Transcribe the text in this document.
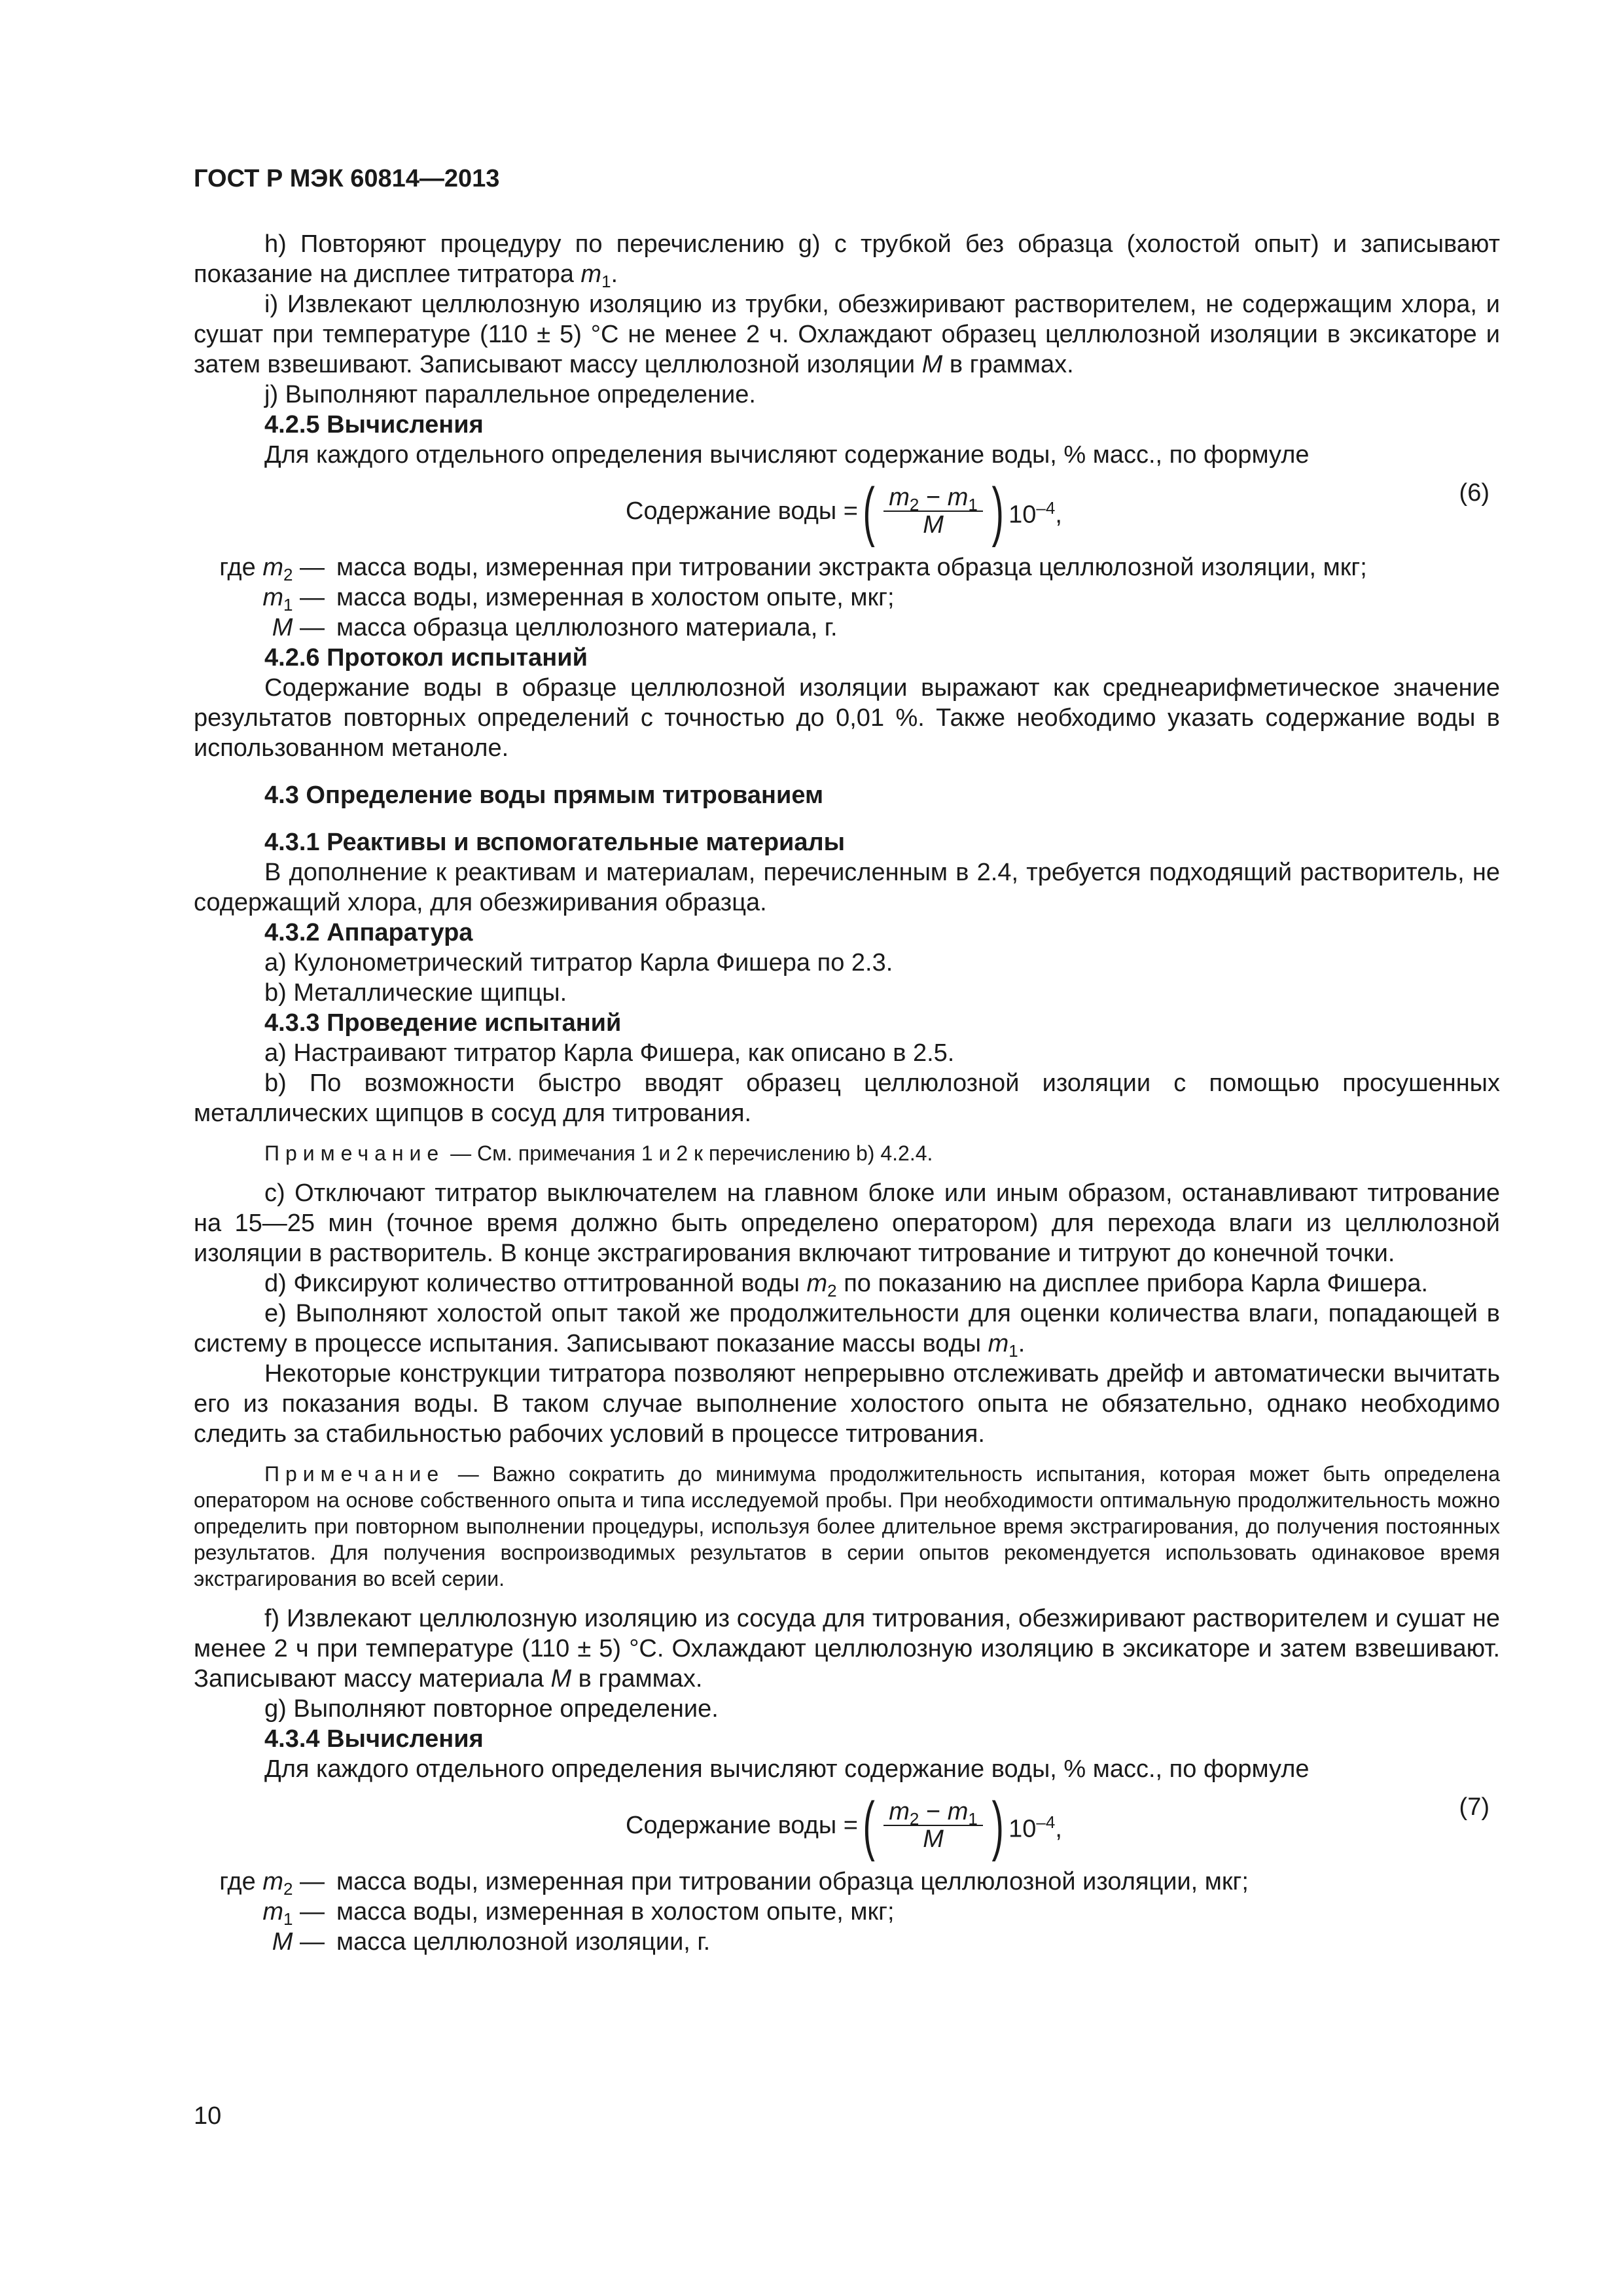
ГОСТ Р МЭК 60814—2013

h) Повторяют процедуру по перечислению g) с трубкой без образца (холостой опыт) и записывают показание на дисплее титратора $m_1$.

i) Извлекают целлюлозную изоляцию из трубки, обезжиривают растворителем, не содержащим хлора, и сушат при температуре (110 ± 5) °С не менее 2 ч. Охлаждают образец целлюлозной изоляции в эксикаторе и затем взвешивают. Записывают массу целлюлозной изоляции M в граммах.

j) Выполняют параллельное определение.

4.2.5 Вычисления

Для каждого отдельного определения вычисляют содержание воды, % масс., по формуле

Содержание воды = ( $\frac{m_2 - m_1}{M}$ ) $10^{-4}$,
(6)
где $m_2$ — масса воды, измеренная при титровании экстракта образца целлюлозной изоляции, мкг;
$m_1$ — масса воды, измеренная в холостом опыте, мкг;
M — масса образца целлюлозного материала, г.

4.2.6 Протокол испытаний

Содержание воды в образце целлюлозной изоляции выражают как среднеарифметическое значение результатов повторных определений с точностью до 0,01 %. Также необходимо указать содержание воды в использованном метаноле.

4.3 Определение воды прямым титрованием

4.3.1 Реактивы и вспомогательные материалы

В дополнение к реактивам и материалам, перечисленным в 2.4, требуется подходящий растворитель, не содержащий хлора, для обезжиривания образца.

4.3.2 Аппаратура

a) Кулонометрический титратор Карла Фишера по 2.3.

b) Металлические щипцы.

4.3.3 Проведение испытаний

a) Настраивают титратор Карла Фишера, как описано в 2.5.

b) По возможности быстро вводят образец целлюлозной изоляции с помощью просушенных металлических щипцов в сосуд для титрования.

Примечание — См. примечания 1 и 2 к перечислению b) 4.2.4.

c) Отключают титратор выключателем на главном блоке или иным образом, останавливают титрование на 15—25 мин (точное время должно быть определено оператором) для перехода влаги из целлюлозной изоляции в растворитель. В конце экстрагирования включают титрование и титруют до конечной точки.

d) Фиксируют количество оттитрованной воды $m_2$ по показанию на дисплее прибора Карла Фишера.

e) Выполняют холостой опыт такой же продолжительности для оценки количества влаги, попадающей в систему в процессе испытания. Записывают показание массы воды $m_1$.

Некоторые конструкции титратора позволяют непрерывно отслеживать дрейф и автоматически вычитать его из показания воды. В таком случае выполнение холостого опыта не обязательно, однако необходимо следить за стабильностью рабочих условий в процессе титрования.

Примечание — Важно сократить до минимума продолжительность испытания, которая может быть определена оператором на основе собственного опыта и типа исследуемой пробы. При необходимости оптимальную продолжительность можно определить при повторном выполнении процедуры, используя более длительное время экстрагирования, до получения постоянных результатов. Для получения воспроизводимых результатов в серии опытов рекомендуется использовать одинаковое время экстрагирования во всей серии.

f) Извлекают целлюлозную изоляцию из сосуда для титрования, обезжиривают растворителем и сушат не менее 2 ч при температуре (110 ± 5) °С. Охлаждают целлюлозную изоляцию в эксикаторе и затем взвешивают. Записывают массу материала M в граммах.

g) Выполняют повторное определение.

4.3.4 Вычисления

Для каждого отдельного определения вычисляют содержание воды, % масс., по формуле

Содержание воды = ( $\frac{m_2 - m_1}{M}$ ) $10^{-4}$,
(7)
где $m_2$ — масса воды, измеренная при титровании образца целлюлозной изоляции, мкг;
$m_1$ — масса воды, измеренная в холостом опыте, мкг;
M — масса целлюлозной изоляции, г.
10
